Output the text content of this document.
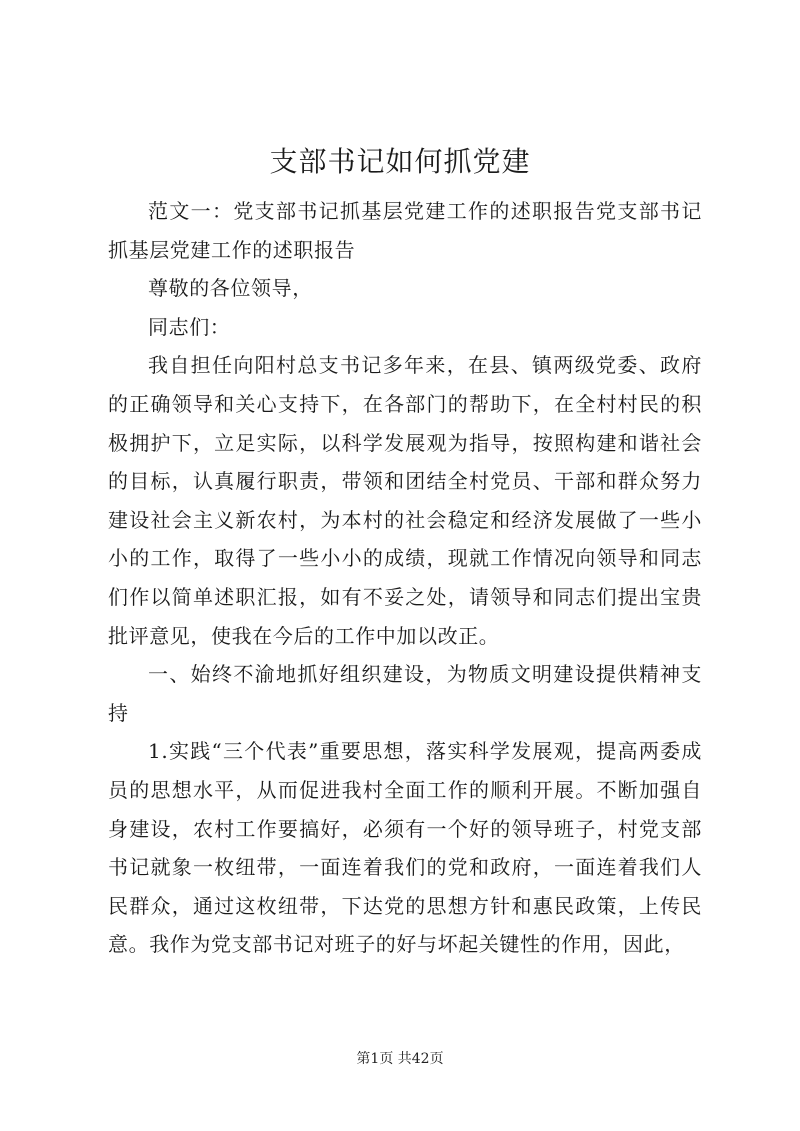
支部书记如何抓党建

范文一：党支部书记抓基层党建工作的述职报告党支部书记抓基层党建工作的述职报告

尊敬的各位领导，

同志们：

我自担任向阳村总支书记多年来，在县、镇两级党委、政府的正确领导和关心支持下，在各部门的帮助下，在全村村民的积极拥护下，立足实际，以科学发展观为指导，按照构建和谐社会的目标，认真履行职责，带领和团结全村党员、干部和群众努力建设社会主义新农村，为本村的社会稳定和经济发展做了一些小小的工作，取得了一些小小的成绩，现就工作情况向领导和同志们作以简单述职汇报，如有不妥之处，请领导和同志们提出宝贵批评意见，使我在今后的工作中加以改正。

一、始终不渝地抓好组织建设，为物质文明建设提供精神支持

1.实践“三个代表”重要思想，落实科学发展观，提高两委成员的思想水平，从而促进我村全面工作的顺利开展。不断加强自身建设，农村工作要搞好，必须有一个好的领导班子，村党支部书记就象一枚纽带，一面连着我们的党和政府，一面连着我们人民群众，通过这枚纽带，下达党的思想方针和惠民政策，上传民意。我作为党支部书记对班子的好与坏起关键性的作用，因此，

第1页 共42页
